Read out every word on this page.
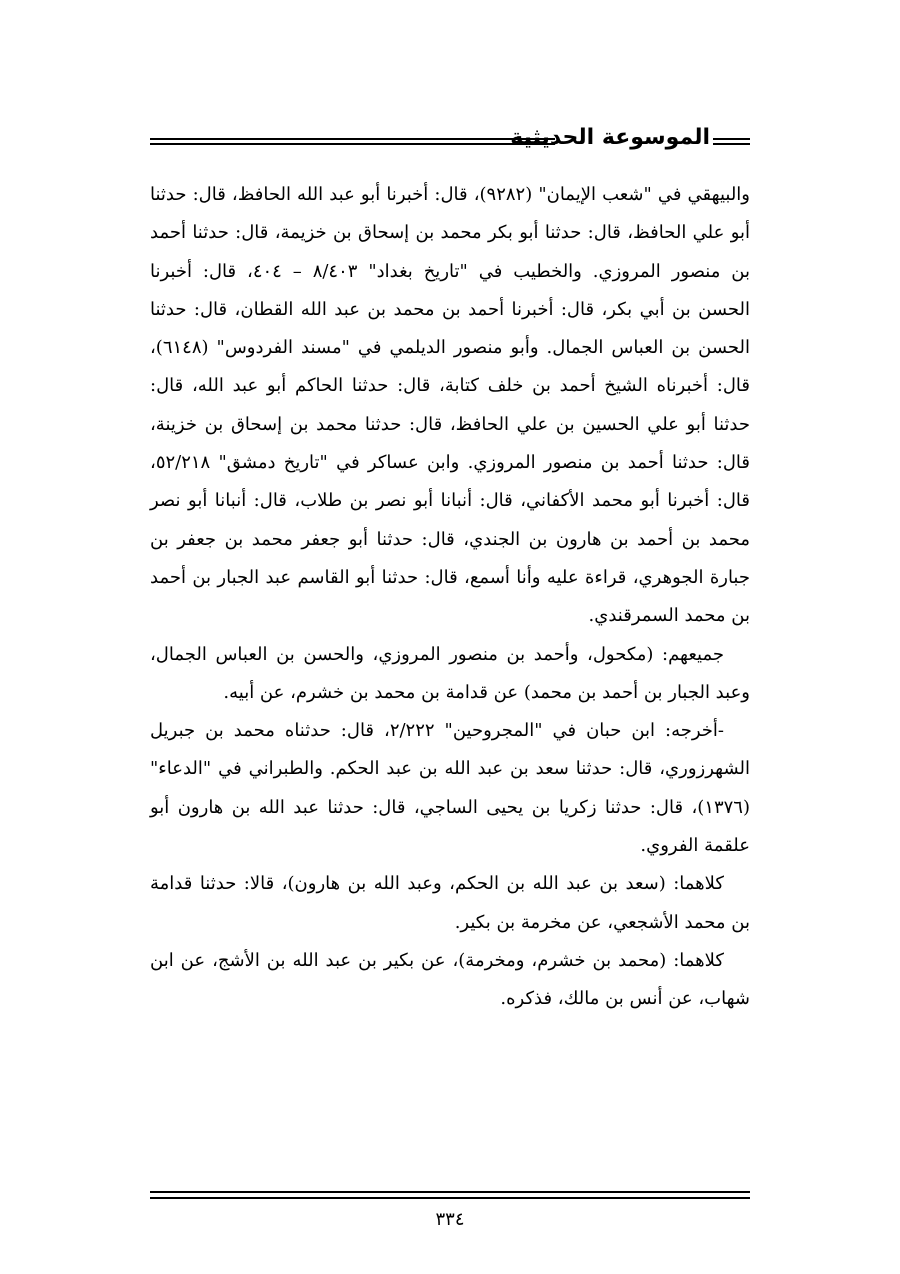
الموسوعة الحديثية

والبيهقي في "شعب الإيمان" (٩٢٨٢)، قال: أخبرنا أبو عبد الله الحافظ، قال: حدثنا أبو علي الحافظ، قال: حدثنا أبو بكر محمد بن إسحاق بن خزيمة، قال: حدثنا أحمد بن منصور المروزي. والخطيب في "تاريخ بغداد" ٨/٤٠٣ – ٤٠٤، قال: أخبرنا الحسن بن أبي بكر، قال: أخبرنا أحمد بن محمد بن عبد الله القطان، قال: حدثنا الحسن بن العباس الجمال. وأبو منصور الديلمي في "مسند الفردوس" (٦١٤٨)، قال: أخبرناه الشيخ أحمد بن خلف كتابة، قال: حدثنا الحاكم أبو عبد الله، قال: حدثنا أبو علي الحسين بن علي الحافظ، قال: حدثنا محمد بن إسحاق بن خزينة، قال: حدثنا أحمد بن منصور المروزي. وابن عساكر في "تاريخ دمشق" ٥٢/٢١٨، قال: أخبرنا أبو محمد الأكفاني، قال: أنبانا أبو نصر بن طلاب، قال: أنبانا أبو نصر محمد بن أحمد بن هارون بن الجندي، قال: حدثنا أبو جعفر محمد بن جعفر بن جبارة الجوهري، قراءة عليه وأنا أسمع، قال: حدثنا أبو القاسم عبد الجبار بن أحمد بن محمد السمرقندي.

جميعهم: (مكحول، وأحمد بن منصور المروزي، والحسن بن العباس الجمال، وعبد الجبار بن أحمد بن محمد) عن قدامة بن محمد بن خشرم، عن أبيه.

-أخرجه: ابن حبان في "المجروحين" ٢/٢٢٢، قال: حدثناه محمد بن جبريل الشهرزوري، قال: حدثنا سعد بن عبد الله بن عبد الحكم. والطبراني في "الدعاء"(١٣٧٦)، قال: حدثنا زكريا بن يحيى الساجي، قال: حدثنا عبد الله بن هارون أبو علقمة الفروي.

كلاهما: (سعد بن عبد الله بن الحكم، وعبد الله بن هارون)، قالا: حدثنا قدامة بن محمد الأشجعي، عن مخرمة بن بكير.

كلاهما: (محمد بن خشرم، ومخرمة)، عن بكير بن عبد الله بن الأشج، عن ابن شهاب، عن أنس بن مالك، فذكره.

٣٣٤
